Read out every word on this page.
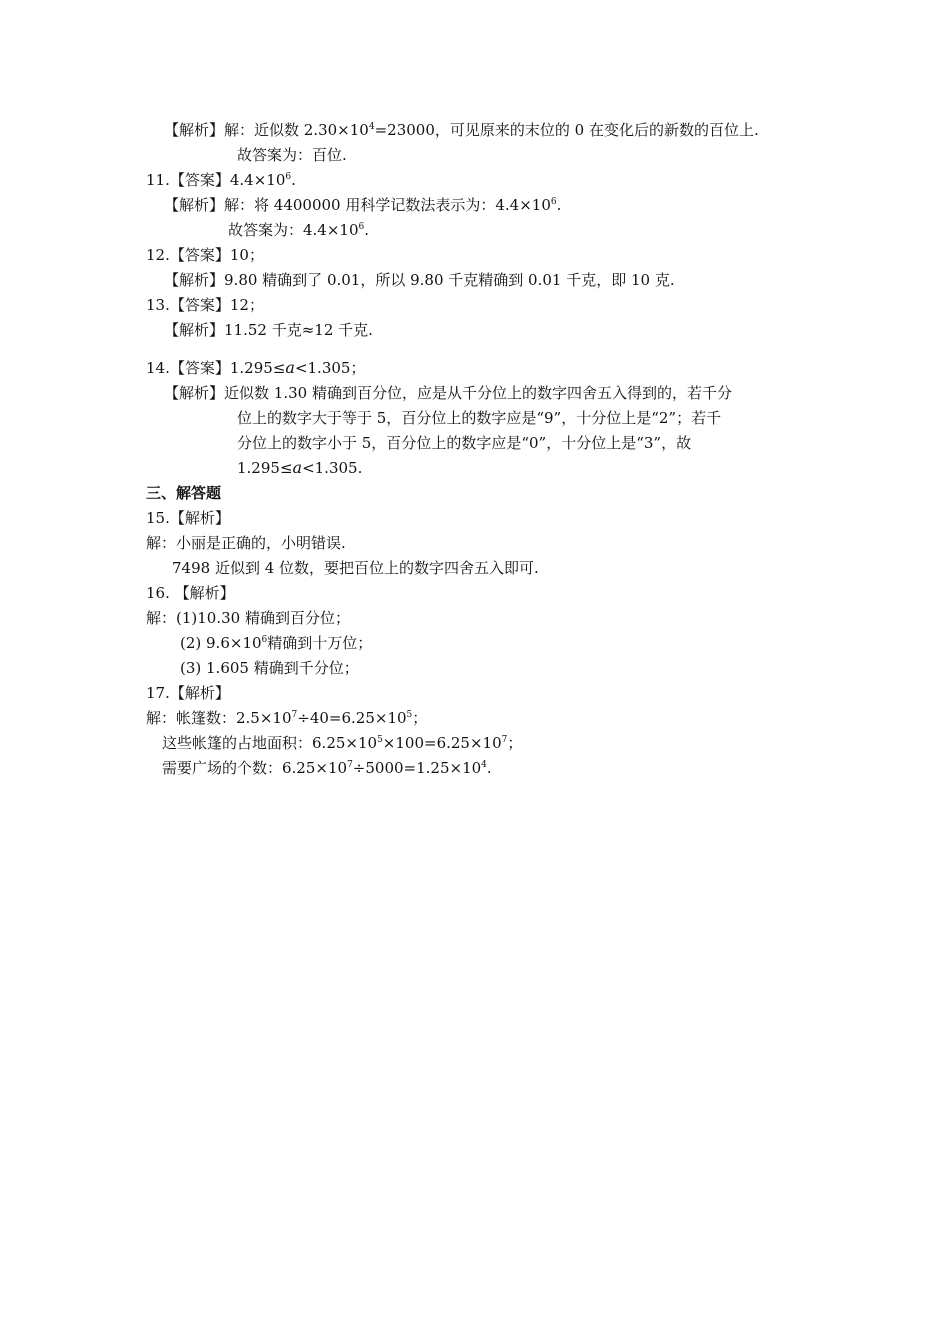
【解析】解：近似数 $2.30\times 10^4=23000$，可见原来的末位的 0 在变化后的新数的百位上.
故答案为：百位.
11.【答案】$4.4\times 10^6$.
【解析】解：将 4400000 用科学记数法表示为：$4.4\times 10^6$.
故答案为：$4.4\times 10^6$.
12.【答案】10；
【解析】9.80 精确到了 0.01，所以 9.80 千克精确到 0.01 千克，即 10 克.
13.【答案】12；
【解析】11.52 千克≈12 千克.
14.【答案】1.295≤a<1.305；
【解析】近似数 1.30 精确到百分位，应是从千分位上的数字四舍五入得到的，若千分
位上的数字大于等于 5，百分位上的数字应是“9”，十分位上是“2”；若千
分位上的数字小于 5，百分位上的数字应是“0”，十分位上是“3”，故
1.295≤a<1.305.
三、解答题
15.【解析】
解：小丽是正确的，小明错误.
7498 近似到 4 位数，要把百位上的数字四舍五入即可.
16. 【解析】
解：(1)10.30 精确到百分位；
(2) $9.6\times 10^6$精确到十万位；
(3) 1.605 精确到千分位；
17.【解析】
解：帐篷数：$2.5\times 10^7\div 40=6.25\times 10^5$；
这些帐篷的占地面积：$6.25\times 10^5\times 100=6.25\times 10^7$；
需要广场的个数：$6.25\times 10^7\div 5000=1.25\times 10^4$.
